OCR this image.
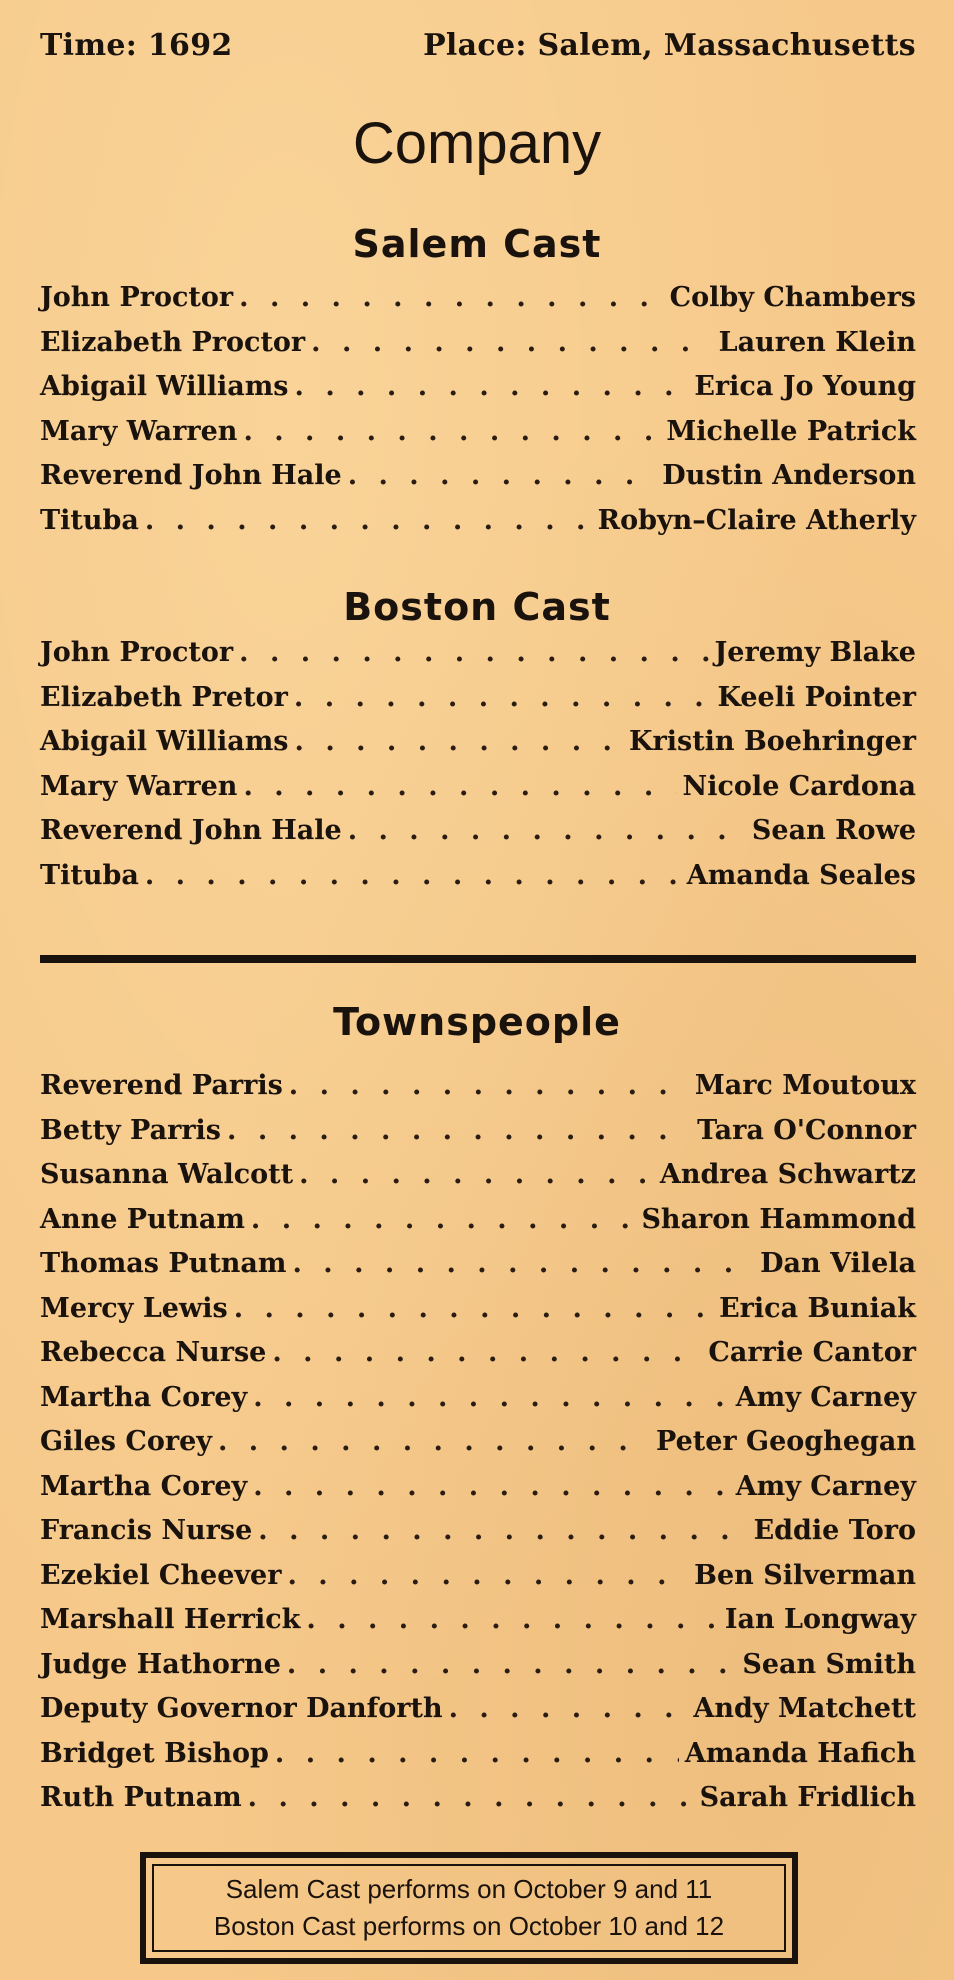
Time: 1692	Place: Salem, Massachusetts
Company
Salem Cast
John Proctor . . .	Colby Chambers
Elizabeth Proctor . . .	Lauren Klein
Abigail Williams . . .	Erica Jo Young
Mary Warren . . .	Michelle Patrick
Reverend John Hale . . .	Dustin Anderson
Tituba . . .	Robyn–Claire Atherly
Boston Cast
John Proctor . . .	Jeremy Blake
Elizabeth Pretor . . .	Keeli Pointer
Abigail Williams . . .	Kristin Boehringer
Mary Warren . . .	Nicole Cardona
Reverend John Hale . . .	Sean Rowe
Tituba . . .	Amanda Seales
Townspeople
Reverend Parris . . .	Marc Moutoux
Betty Parris . . .	Tara O'Connor
Susanna Walcott . . .	Andrea Schwartz
Anne Putnam . . .	Sharon Hammond
Thomas Putnam . . .	Dan Vilela
Mercy Lewis . . .	Erica Buniak
Rebecca Nurse . . .	Carrie Cantor
Martha Corey . . .	Amy Carney
Giles Corey . . .	Peter Geoghegan
Martha Corey . . .	Amy Carney
Francis Nurse . . .	Eddie Toro
Ezekiel Cheever . . .	Ben Silverman
Marshall Herrick . . .	Ian Longway
Judge Hathorne . . .	Sean Smith
Deputy Governor Danforth . . .	Andy Matchett
Bridget Bishop . . .	Amanda Hafich
Ruth Putnam . . .	Sarah Fridlich
Salem Cast performs on October 9 and 11
Boston Cast performs on October 10 and 12
